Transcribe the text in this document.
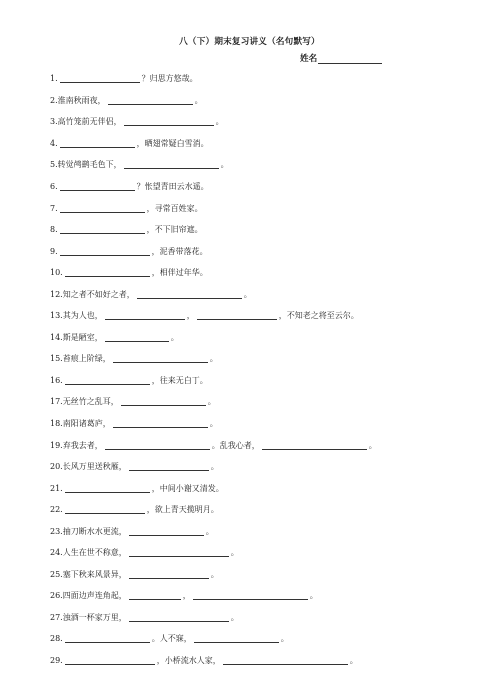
八（下）期末复习讲义（名句默写）
姓名
1.	？归思方悠哉。
2. 淮南秋雨夜，	。
3. 高竹笼前无伴侣，	。
4.	，晒翅常疑白雪消。
5. 转觉鸬鹚毛色下，	。
6.	？怅望青田云水遥。
7.	，寻常百姓家。
8.	，不下旧帘遮。
9.	，泥香带落花。
10.	，相伴过年华。
12. 知之者不如好之者，	。
13. 其为人也，	，	，不知老之将至云尔。
14. 斯是陋室，	。
15. 苔痕上阶绿，	。
16.	，往来无白丁。
17. 无丝竹之乱耳，	。
18. 南阳诸葛庐，	。
19. 弃我去者，	。乱我心者，	。
20. 长风万里送秋雁，	。
21.	，中间小谢又清发。
22.	，欲上青天揽明月。
23. 抽刀断水水更流，	。
24. 人生在世不称意，	。
25. 塞下秋来风景异，	。
26. 四面边声连角起，	，	。
27. 浊酒一杯家万里，	。
28.	。人不寐，	。
29.	，小桥流水人家，	。
